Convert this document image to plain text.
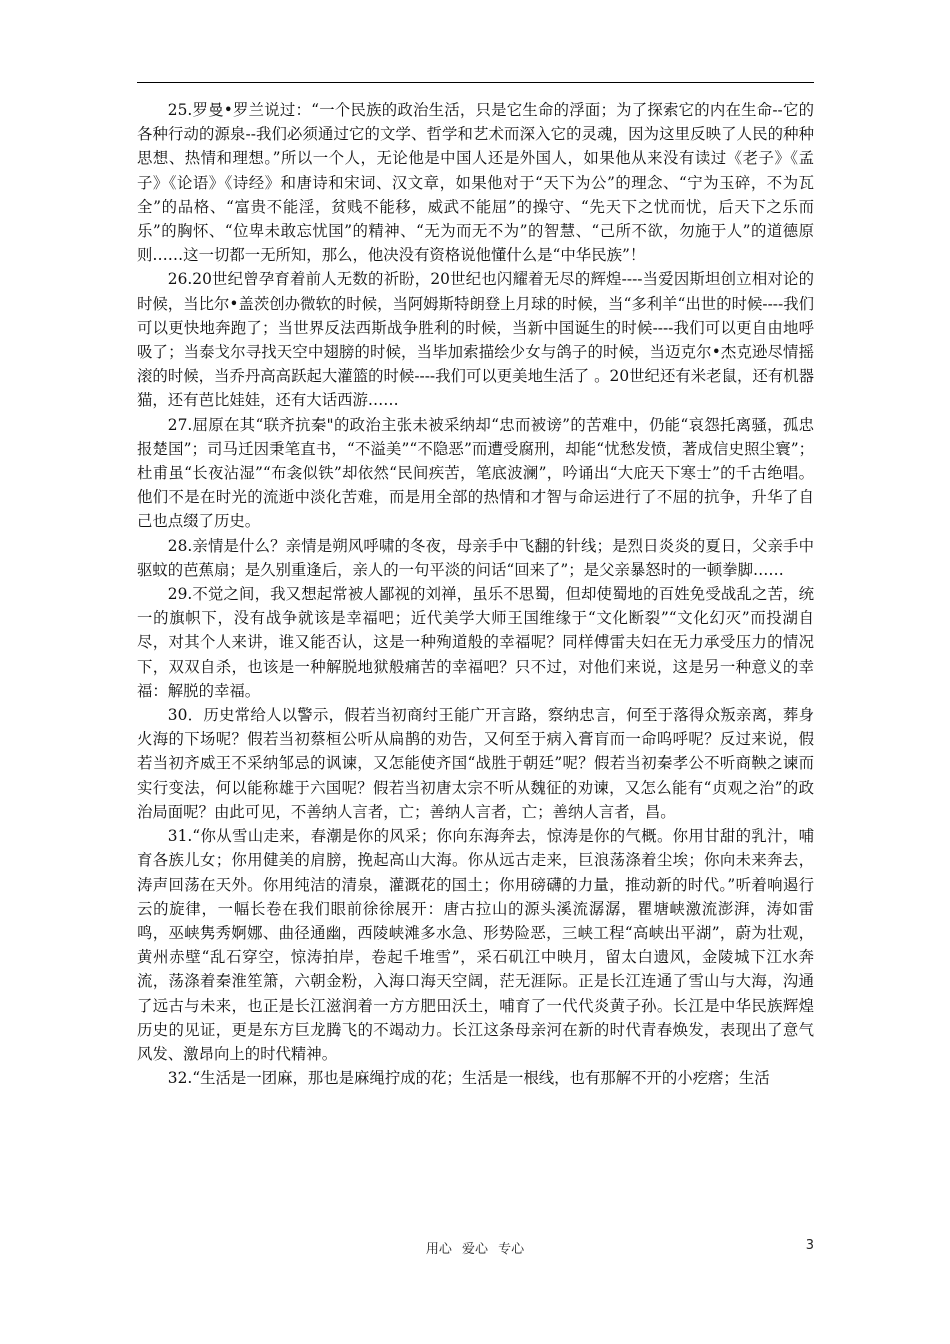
25.罗曼•罗兰说过：“一个民族的政治生活，只是它生命的浮面；为了探索它的内在生命--它的各种行动的源泉--我们必须通过它的文学、哲学和艺术而深入它的灵魂，因为这里反映了人民的种种思想、热情和理想。”所以一个人，无论他是中国人还是外国人，如果他从来没有读过《老子》《孟子》《论语》《诗经》和唐诗和宋词、汉文章，如果他对于“天下为公”的理念、“宁为玉碎，不为瓦全”的品格、“富贵不能淫，贫贱不能移，威武不能屈”的操守、“先天下之忧而忧，后天下之乐而乐”的胸怀、“位卑未敢忘忧国”的精神、“无为而无不为”的智慧、“己所不欲，勿施于人”的道德原则……这一切都一无所知，那么，他决没有资格说他懂什么是“中华民族”！

26.20世纪曾孕育着前人无数的祈盼，20世纪也闪耀着无尽的辉煌----当爱因斯坦创立相对论的时候，当比尔•盖茨创办微软的时候，当阿姆斯特朗登上月球的时候，当“多利羊“出世的时候----我们可以更快地奔跑了；当世界反法西斯战争胜利的时候，当新中国诞生的时候----我们可以更自由地呼吸了；当泰戈尔寻找天空中翅膀的时候，当毕加索描绘少女与鸽子的时候，当迈克尔•杰克逊尽情摇滚的时候，当乔丹高高跃起大灌篮的时候----我们可以更美地生活了 。20世纪还有米老鼠，还有机器猫，还有芭比娃娃，还有大话西游……

27.屈原在其“联齐抗秦"的政治主张未被采纳却“忠而被谤”的苦难中，仍能“哀怨托离骚，孤忠报楚国”；司马迁因秉笔直书，“不溢美”“不隐恶”而遭受腐刑，却能“忧愁发愤，著成信史照尘寰”；杜甫虽“长夜沾湿”“布衾似铁”却依然“民间疾苦，笔底波澜”，吟诵出“大庇天下寒士”的千古绝唱。他们不是在时光的流逝中淡化苦难，而是用全部的热情和才智与命运进行了不屈的抗争，升华了自己也点缀了历史。

28.亲情是什么？亲情是朔风呼啸的冬夜，母亲手中飞翻的针线；是烈日炎炎的夏日，父亲手中驱蚊的芭蕉扇；是久别重逢后，亲人的一句平淡的问话“回来了”；是父亲暴怒时的一顿拳脚……

29.不觉之间，我又想起常被人鄙视的刘禅，虽乐不思蜀，但却使蜀地的百姓免受战乱之苦，统一的旗帜下，没有战争就该是幸福吧；近代美学大师王国维缘于“文化断裂”“文化幻灭”而投湖自尽，对其个人来讲，谁又能否认，这是一种殉道般的幸福呢？同样傅雷夫妇在无力承受压力的情况下，双双自杀，也该是一种解脱地狱般痛苦的幸福吧？只不过，对他们来说，这是另一种意义的幸福：解脱的幸福。

30．历史常给人以警示，假若当初商纣王能广开言路，察纳忠言，何至于落得众叛亲离，葬身火海的下场呢？假若当初蔡桓公听从扁鹊的劝告，又何至于病入膏肓而一命呜呼呢？反过来说，假若当初齐威王不采纳邹忌的讽谏，又怎能使齐国“战胜于朝廷”呢？假若当初秦孝公不听商鞅之谏而实行变法，何以能称雄于六国呢？假若当初唐太宗不听从魏征的劝谏，又怎么能有“贞观之治”的政治局面呢？由此可见，不善纳人言者，亡；善纳人言者，亡；善纳人言者，昌。

31.“你从雪山走来，春潮是你的风采；你向东海奔去，惊涛是你的气概。你用甘甜的乳汁，哺育各族儿女；你用健美的肩膀，挽起高山大海。你从远古走来，巨浪荡涤着尘埃；你向未来奔去，涛声回荡在天外。你用纯洁的清泉，灌溉花的国土；你用磅礴的力量，推动新的时代。”听着响遏行云的旋律，一幅长卷在我们眼前徐徐展开：唐古拉山的源头溪流潺潺，瞿塘峡激流澎湃，涛如雷鸣，巫峡隽秀婀娜、曲径通幽，西陵峡滩多水急、形势险恶，三峡工程“高峡出平湖”，蔚为壮观，黄州赤壁“乱石穿空，惊涛拍岸，卷起千堆雪”，采石矶江中映月，留太白遗风，金陵城下江水奔流，荡涤着秦淮笙箫，六朝金粉，入海口海天空阔，茫无涯际。正是长江连通了雪山与大海，沟通了远古与未来，也正是长江滋润着一方方肥田沃土，哺育了一代代炎黄子孙。长江是中华民族辉煌历史的见证，更是东方巨龙腾飞的不竭动力。长江这条母亲河在新的时代青春焕发，表现出了意气风发、激昂向上的时代精神。

32.“生活是一团麻，那也是麻绳拧成的花；生活是一根线，也有那解不开的小疙瘩；生活

用心 爱心 专心	3
